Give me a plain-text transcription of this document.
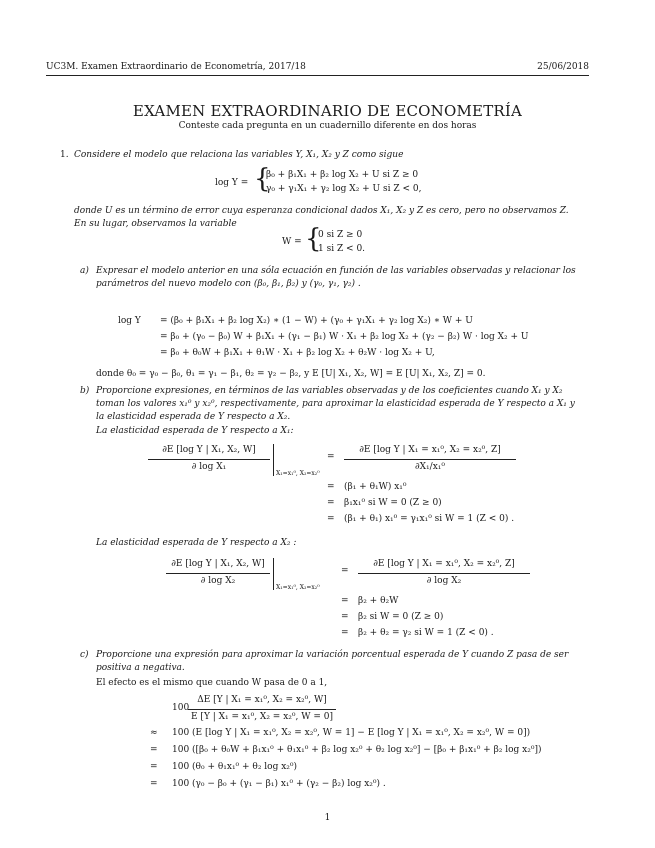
UC3M. Examen Extraordinario de Econometría, 2017/18	25/06/2018
EXAMEN EXTRAORDINARIO DE ECONOMETRÍA
Conteste cada pregunta en un cuadernillo diferente en dos horas
1. Considere el modelo que relaciona las variables Y, X₁, X₂ y Z como sigue
log Y = {
β₀ + β₁X₁ + β₂ log X₂ + U si Z ≥ 0
γ₀ + γ₁X₁ + γ₂ log X₂ + U si Z < 0,
donde U es un término de error cuya esperanza condicional dados X₁, X₂ y Z es cero, pero no observamos Z.
En su lugar, observamos la variable
W = {
0 si Z ≥ 0
1 si Z < 0.
a) Expresar el modelo anterior en una sóla ecuación en función de las variables observadas y relacionar los
parámetros del nuevo modelo con (β₀, β₁, β₂) y (γ₀, γ₁, γ₂) .
log Y = (β₀ + β₁X₁ + β₂ log X₂) ∗ (1 − W) + (γ₀ + γ₁X₁ + γ₂ log X₂) ∗ W + U
= β₀ + (γ₀ − β₀) W + β₁X₁ + (γ₁ − β₁) W · X₁ + β₂ log X₂ + (γ₂ − β₂) W · log X₂ + U
= β₀ + θ₀W + β₁X₁ + θ₁W · X₁ + β₂ log X₂ + θ₂W · log X₂ + U,
donde θ₀ = γ₀ − β₀, θ₁ = γ₁ − β₁, θ₂ = γ₂ − β₂, y E [U| X₁, X₂, W] = E [U| X₁, X₂, Z] = 0.
b) Proporcione expresiones, en términos de las variables observadas y de los coeficientes cuando X₁ y X₂
toman los valores x₁⁰ y x₂⁰, respectivamente, para aproximar la elasticidad esperada de Y respecto a X₁ y
la elasticidad esperada de Y respecto a X₂.
La elasticidad esperada de Y respecto a X₁:
∂E [log Y | X₁, X₂, W]
∂ log X₁
X₁=x₁⁰, X₂=x₂⁰
=
∂E [log Y | X₁ = x₁⁰, X₂ = x₂⁰, Z]
∂X₁/x₁⁰
= (β₁ + θ₁W) x₁⁰
= β₁x₁⁰ si W = 0 (Z ≥ 0)
= (β₁ + θ₁) x₁⁰ = γ₁x₁⁰ si W = 1 (Z < 0) .
La elasticidad esperada de Y respecto a X₂ :
∂E [log Y | X₁, X₂, W]
∂ log X₂
X₁=x₁⁰, X₂=x₂⁰
=
∂E [log Y | X₁ = x₁⁰, X₂ = x₂⁰, Z]
∂ log X₂
= β₂ + θ₂W
= β₂ si W = 0 (Z ≥ 0)
= β₂ + θ₂ = γ₂ si W = 1 (Z < 0) .
c) Proporcione una expresión para aproximar la variación porcentual esperada de Y cuando Z pasa de ser
positiva a negativa.
El efecto es el mismo que cuando W pasa de 0 a 1,
100
ΔE [Y | X₁ = x₁⁰, X₂ = x₂⁰, W]
E [Y | X₁ = x₁⁰, X₂ = x₂⁰, W = 0]
≈ 100 (E [log Y | X₁ = x₁⁰, X₂ = x₂⁰, W = 1] − E [log Y | X₁ = x₁⁰, X₂ = x₂⁰, W = 0])
= 100 ([β₀ + θ₀W + β₁x₁⁰ + θ₁x₁⁰ + β₂ log x₂⁰ + θ₂ log x₂⁰] − [β₀ + β₁x₁⁰ + β₂ log x₂⁰])
= 100 (θ₀ + θ₁x₁⁰ + θ₂ log x₂⁰)
= 100 (γ₀ − β₀ + (γ₁ − β₁) x₁⁰ + (γ₂ − β₂) log x₂⁰) .
1
